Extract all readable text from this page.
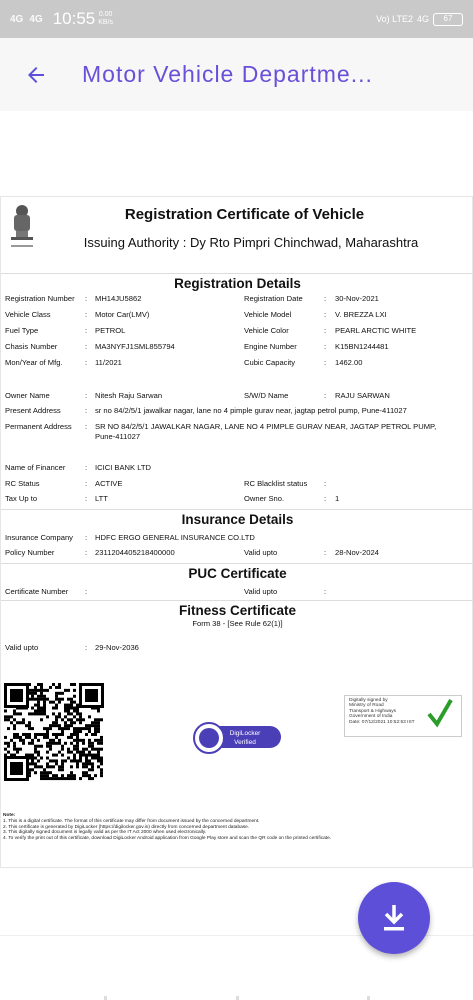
4G 4G 10:55 0.00
KB/s	Vo) LTE2 4G	67
Motor Vehicle Departme...
Registration Certificate of Vehicle
Issuing Authority : Dy Rto Pimpri Chinchwad, Maharashtra
Registration Details
Registration Number : MH14JU5862	Registration Date	: 30-Nov-2021
Vehicle Class	: Motor Car(LMV)	Vehicle Model	: V. BREZZA LXI
Fuel Type	: PETROL	Vehicle Color	: PEARL ARCTIC WHITE
Chasis Number	: MA3NYFJ1SML855794	Engine Number	: K15BN1244481
Mon/Year of Mfg.	: 11/2021	Cubic Capacity	: 1462.00
Owner Name	: Nitesh Raju Sarwan	S/W/D Name	: RAJU SARWAN
Present Address	: sr no 84/2/5/1 jawalkar nagar, lane no 4 pimple gurav near, jagtap petrol pump, Pune-411027
Permanent Address : SR NO 84/2/5/1 JAWALKAR NAGAR, LANE NO 4 PIMPLE GURAV NEAR, JAGTAP PETROL PUMP,
Pune-411027
Name of Financer	: ICICI BANK LTD
RC Status	: ACTIVE	RC Blacklist status :
Tax Up to	: LTT	Owner Sno.	: 1
Insurance Details
Insurance Company : HDFC ERGO GENERAL INSURANCE CO.LTD
Policy Number	: 2311204405218400000	Valid upto	: 28-Nov-2024
PUC Certificate
Certificate Number :	Valid upto	:
Fitness Certificate
Form 38 - [See Rule 62(1)]
Valid upto	: 29-Nov-2036
DigiLocker
Verified
Digitally signed by
Ministry of Road
Transport & Highways
Government of India
Date: 07/12/2021 10:52:53 IST
Note:
1. This is a digital certificate. The format of this certificate may differ from document issued by the concerned department.
2. This certificate is generated by DigiLocker (https://digilocker.gov.in) directly from concerned department database.
3. This digitally signed document is legally valid as per the IT Act 2000 when used electronically.
4. To verify the print out of this certificate, download DigiLocker Android application from Google Play store and scan the QR code on the printed certificate.
